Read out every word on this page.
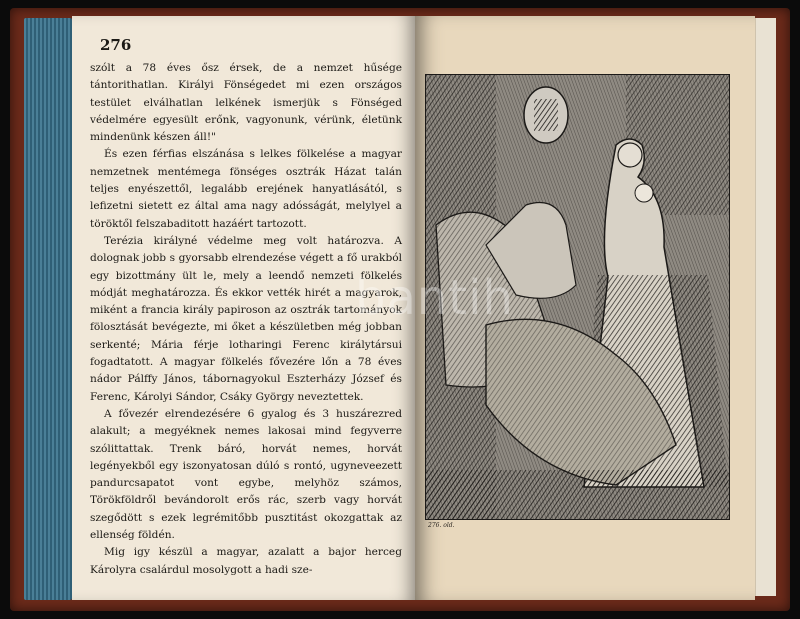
276

szólt a 78 éves ősz érsek, de a nemzet hűsége tántorithatlan. Királyi Fönségedet mi ezen országos testület elválhatlan lelkének ismerjük s Fönséged védelmére egyesült erőnk, vagyonunk, vérünk, életünk mindenünk készen áll!"

És ezen férfias elszánása s lelkes fölkelése a magyar nemzetnek mentémega fönséges osztrák Házat talán teljes enyészettől, legalább erejének hanyatlásától, s lefizetni sietett ez által ama nagy adósságát, melylyel a töröktől felszabaditott hazáért tartozott.

Terézia királyné védelme meg volt határozva. A dolognak jobb s gyorsabb elrendezése végett a fő urakból egy bizottmány ült le, mely a leendő nemzeti fölkelés módját meghatározza. És ekkor vették hirét a magyarok, miként a francia király papiroson az osztrák tartományok fölosztását bevégezte, mi őket a készületben még jobban serkenté; Mária férje lotharingi Ferenc királytársui fogadtatott. A magyar fölkelés fővezére lőn a 78 éves nádor Pálffy János, tábornagyokul Eszterházy József és Ferenc, Károlyi Sándor, Csáky György neveztettek.

A fővezér elrendezésére 6 gyalog és 3 huszárezred alakult; a megyéknek nemes lakosai mind fegyverre szólittattak. Trenk báró, horvát nemes, horvát legényekből egy iszonyatosan dúló s rontó, ugyneveezett pandurcsapatot vont egybe, melyhöz számos, Törökföldről bevándorolt erős rác, szerb vagy horvát szegődött s ezek legrémitőbb pusztitást okozgattak az ellenség földén.

Mig igy készül a magyar, azalatt a bajor herceg Károlyra csalárdul mosolygott a hadi sze-

276. old.
bantih
